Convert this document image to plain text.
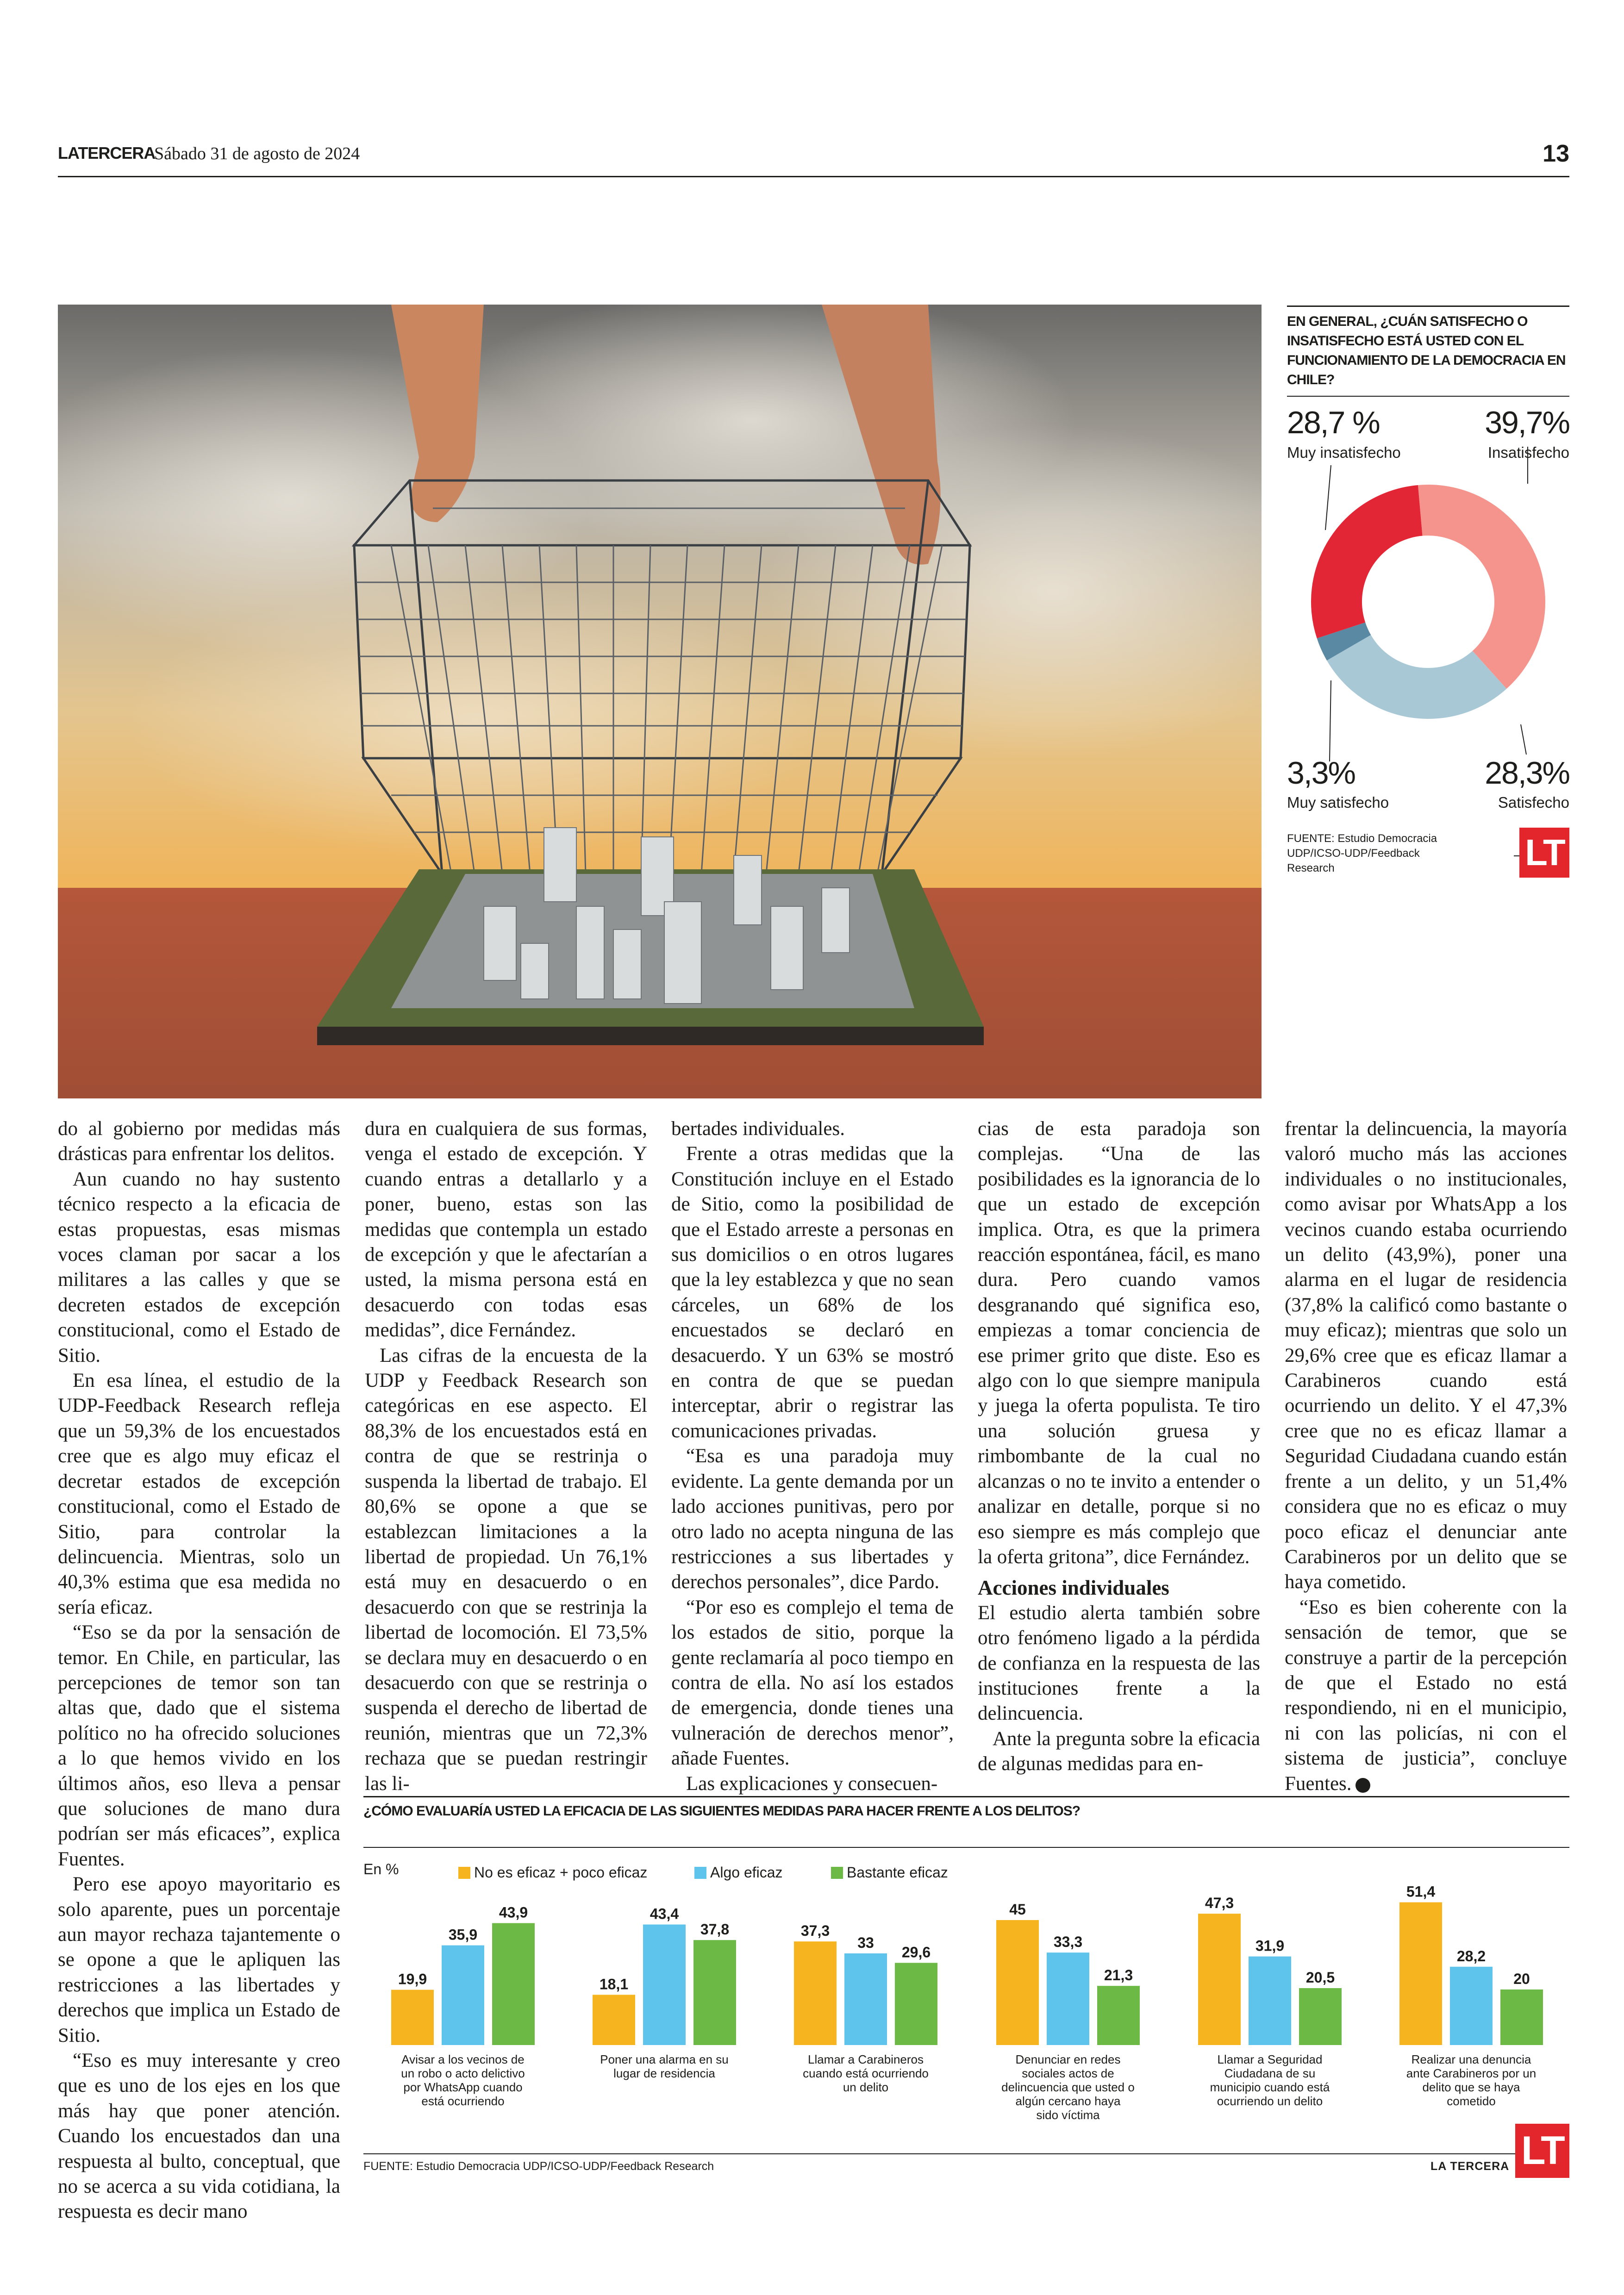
LATERCERA
Sábado 31 de agosto de 2024	13
EN GENERAL, ¿CUÁN SATISFECHO O INSATISFECHO ESTÁ USTED CON EL FUNCIONAMIENTO DE LA DEMOCRACIA EN CHILE?
28,7 %
Muy insatisfecho
39,7%
Insatisfecho
3,3%
Muy satisfecho
28,3%
Satisfecho
FUENTE: Estudio Democracia UDP/ICSO-UDP/Feedback Research	LT

do al gobierno por medidas más drásticas para enfrentar los delitos.

Aun cuando no hay sustento técnico respecto a la eficacia de estas propuestas, esas mismas voces claman por sacar a los militares a las calles y que se decreten estados de excepción constitucional, como el Estado de Sitio.

En esa línea, el estudio de la UDP-Feedback Research refleja que un 59,3% de los encuestados cree que es algo muy eficaz el decretar estados de excepción constitucional, como el Estado de Sitio, para controlar la delincuencia. Mientras, solo un 40,3% estima que esa medida no sería eficaz.

“Eso se da por la sensación de temor. En Chile, en particular, las percepciones de temor son tan altas que, dado que el sistema político no ha ofrecido soluciones a lo que hemos vivido en los últimos años, eso lleva a pensar que soluciones de mano dura podrían ser más eficaces”, explica Fuentes.

Pero ese apoyo mayoritario es solo aparente, pues un porcentaje aun mayor rechaza tajantemente o se opone a que le apliquen las restricciones a las libertades y derechos que implica un Estado de Sitio.

“Eso es muy interesante y creo que es uno de los ejes en los que más hay que poner atención. Cuando los encuestados dan una respuesta al bulto, conceptual, que no se acerca a su vida cotidiana, la respuesta es decir mano

dura en cualquiera de sus formas, venga el estado de excepción. Y cuando entras a detallarlo y a poner, bueno, estas son las medidas que contempla un estado de excepción y que le afectarían a usted, la misma persona está en desacuerdo con todas esas medidas”, dice Fernández.

Las cifras de la encuesta de la UDP y Feedback Research son categóricas en ese aspecto. El 88,3% de los encuestados está en contra de que se restrinja o suspenda la libertad de trabajo. El 80,6% se opone a que se establezcan limitaciones a la libertad de propiedad. Un 76,1% está muy en desacuerdo o en desacuerdo con que se restrinja la libertad de locomoción. El 73,5% se declara muy en desacuerdo o en desacuerdo con que se restrinja o suspenda el derecho de libertad de reunión, mientras que un 72,3% rechaza que se puedan restringir las li-

bertades individuales.

Frente a otras medidas que la Constitución incluye en el Estado de Sitio, como la posibilidad de que el Estado arreste a personas en sus domicilios o en otros lugares que la ley establezca y que no sean cárceles, un 68% de los encuestados se declaró en desacuerdo. Y un 63% se mostró en contra de que se puedan interceptar, abrir o registrar las comunicaciones privadas.

“Esa es una paradoja muy evidente. La gente demanda por un lado acciones punitivas, pero por otro lado no acepta ninguna de las restricciones a sus libertades y derechos personales”, dice Pardo.

“Por eso es complejo el tema de los estados de sitio, porque la gente reclamaría al poco tiempo en contra de ella. No así los estados de emergencia, donde tienes una vulneración de derechos menor”, añade Fuentes.

Las explicaciones y consecuen-

cias de esta paradoja son complejas. “Una de las posibilidades es la ignorancia de lo que un estado de excepción implica. Otra, es que la primera reacción espontánea, fácil, es mano dura. Pero cuando vamos desgranando qué significa eso, empiezas a tomar conciencia de ese primer grito que diste. Eso es algo con lo que siempre manipula y juega la oferta populista. Te tiro una solución gruesa y rimbombante de la cual no alcanzas o no te invito a entender o analizar en detalle, porque si no eso siempre es más complejo que la oferta gritona”, dice Fernández.

Acciones individuales

El estudio alerta también sobre otro fenómeno ligado a la pérdida de confianza en la respuesta de las instituciones frente a la delincuencia.

Ante la pregunta sobre la eficacia de algunas medidas para en-

frentar la delincuencia, la mayoría valoró mucho más las acciones individuales o no institucionales, como avisar por WhatsApp a los vecinos cuando estaba ocurriendo un delito (43,9%), poner una alarma en el lugar de residencia (37,8% la calificó como bastante o muy eficaz); mientras que solo un 29,6% cree que es eficaz llamar a Carabineros cuando está ocurriendo un delito. Y el 47,3% cree que no es eficaz llamar a Seguridad Ciudadana cuando están frente a un delito, y un 51,4% considera que no es eficaz o muy poco eficaz el denunciar ante Carabineros por un delito que se haya cometido.

“Eso es bien coherente con la sensación de temor, que se construye a partir de la percepción de que el Estado no está respondiendo, ni en el municipio, ni con las policías, ni con el sistema de justicia”, concluye Fuentes.

¿CÓMO EVALUARÍA USTED LA EFICACIA DE LAS SIGUIENTES MEDIDAS PARA HACER FRENTE A LOS DELITOS?
En %	No es eficaz + poco eficaz	Algo eficaz	Bastante eficaz
19,9
35,9
43,9
Avisar a los vecinos de
un robo o acto delictivo
por WhatsApp cuando
está ocurriendo
18,1
43,4
37,8
Poner una alarma en su
lugar de residencia
37,3
33
29,6
Llamar a Carabineros
cuando está ocurriendo
un delito
45
33,3
21,3
Denunciar en redes
sociales actos de
delincuencia que usted o
algún cercano haya
sido víctima
47,3
31,9
20,5
Llamar a Seguridad
Ciudadana de su
municipio cuando está
ocurriendo un delito
51,4
28,2
20
Realizar una denuncia
ante Carabineros por un
delito que se haya
cometido
FUENTE: Estudio Democracia UDP/ICSO-UDP/Feedback Research	LA TERCERA LT
